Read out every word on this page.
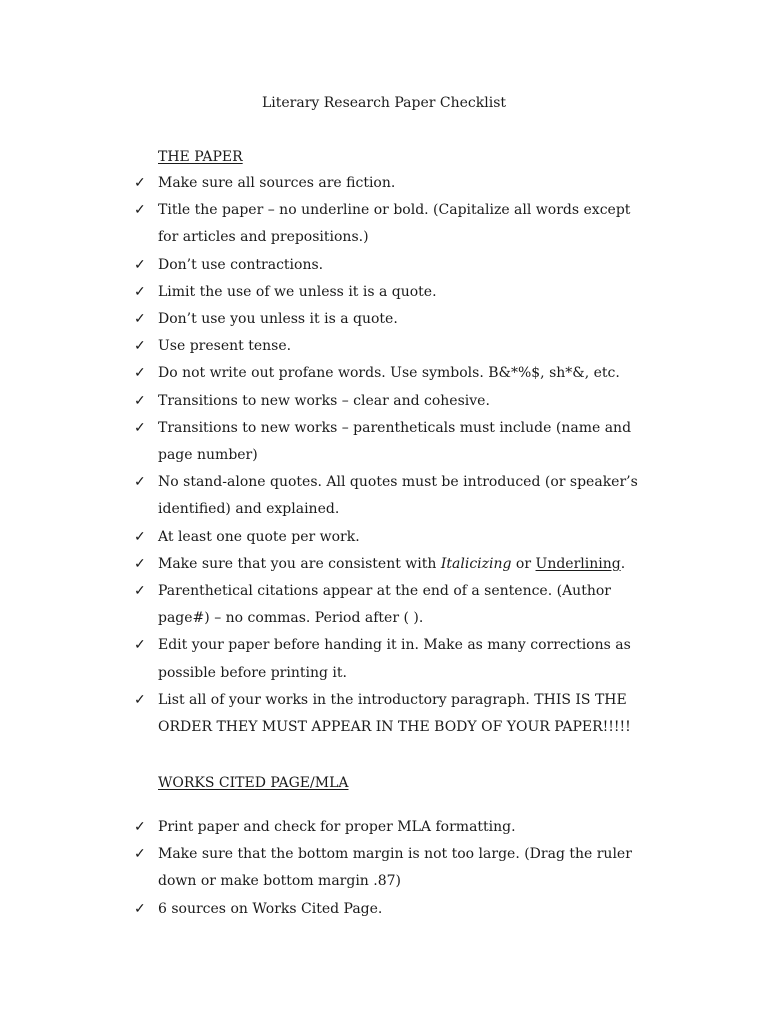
Literary Research Paper Checklist
THE PAPER
✓ Make sure all sources are fiction.
✓ Title the paper – no underline or bold. (Capitalize all words except for articles and prepositions.)
✓ Don’t use contractions.
✓ Limit the use of we unless it is a quote.
✓ Don’t use you unless it is a quote.
✓ Use present tense.
✓ Do not write out profane words. Use symbols. B&*%$, sh*&, etc.
✓ Transitions to new works – clear and cohesive.
✓ Transitions to new works – parentheticals must include (name and page number)
✓ No stand-alone quotes. All quotes must be introduced (or speaker’s identified) and explained.
✓ At least one quote per work.
✓ Make sure that you are consistent with Italicizing or Underlining.
✓ Parenthetical citations appear at the end of a sentence. (Author page#) – no commas. Period after ( ).
✓ Edit your paper before handing it in. Make as many corrections as possible before printing it.
✓ List all of your works in the introductory paragraph. THIS IS THE ORDER THEY MUST APPEAR IN THE BODY OF YOUR PAPER!!!!!
WORKS CITED PAGE/MLA
✓ Print paper and check for proper MLA formatting.
✓ Make sure that the bottom margin is not too large. (Drag the ruler down or make bottom margin .87)
✓ 6 sources on Works Cited Page.
